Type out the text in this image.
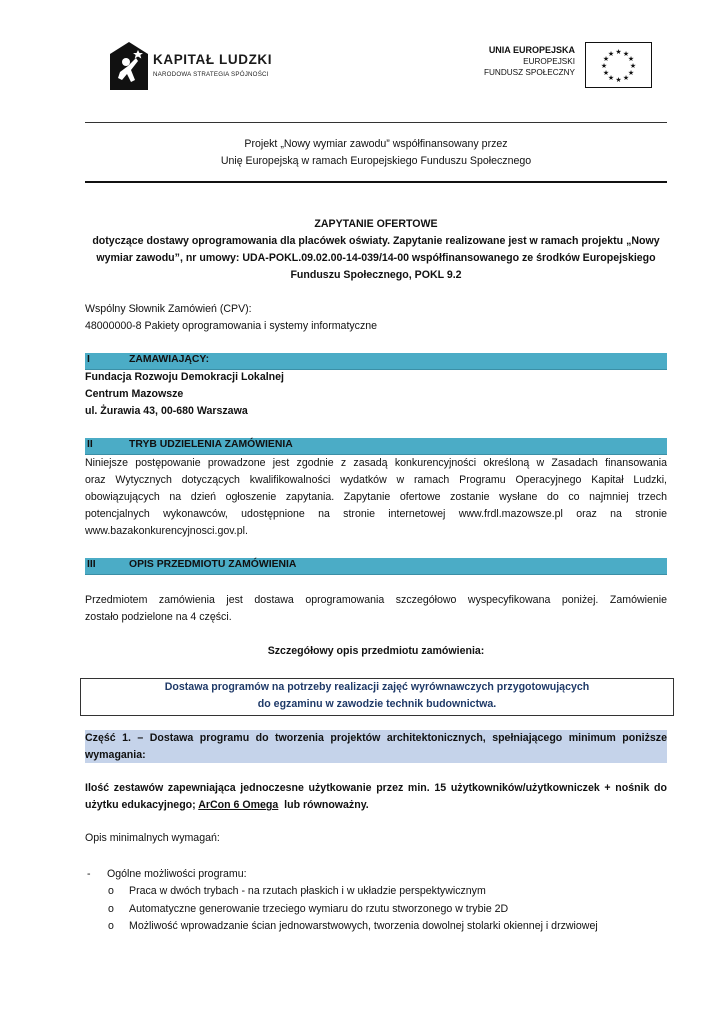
KAPITAŁ LUDZKI
NARODOWA STRATEGIA SPÓJNOŚCI
UNIA EUROPEJSKA
EUROPEJSKI
FUNDUSZ SPOŁECZNY
★ ★
★
★
★
★
★
★
★
★
★
★
Projekt „Nowy wymiar zawodu” współfinansowany przez
Unię Europejską w ramach Europejskiego Funduszu Społecznego
ZAPYTANIE OFERTOWE
dotyczące dostawy oprogramowania dla placówek oświaty. Zapytanie realizowane jest w ramach projektu „Nowy
wymiar zawodu”, nr umowy: UDA-POKL.09.02.00-14-039/14-00 współfinansowanego ze środków Europejskiego
Funduszu Społecznego, POKL 9.2
Wspólny Słownik Zamówień (CPV):
48000000-8 Pakiety oprogramowania i systemy informatyczne
I	ZAMAWIAJĄCY:
Fundacja Rozwoju Demokracji Lokalnej
Centrum Mazowsze
ul. Żurawia 43, 00-680 Warszawa
II	TRYB UDZIELENIA ZAMÓWIENIA
Niniejsze postępowanie prowadzone jest zgodnie z zasadą konkurencyjności określoną w Zasadach finansowania
oraz Wytycznych dotyczących kwalifikowalności wydatków w ramach Programu Operacyjnego Kapitał Ludzki,
obowiązujących na dzień ogłoszenie zapytania. Zapytanie ofertowe zostanie wysłane do co najmniej trzech
potencjalnych wykonawców, udostępnione na stronie internetowej www.frdl.mazowsze.pl oraz na stronie
www.bazakonkurencyjnosci.gov.pl.
III	OPIS PRZEDMIOTU ZAMÓWIENIA
Przedmiotem zamówienia jest dostawa oprogramowania szczegółowo wyspecyfikowana poniżej. Zamówienie
zostało podzielone na 4 części.
Szczegółowy opis przedmiotu zamówienia:
Dostawa programów na potrzeby realizacji zajęć wyrównawczych przygotowujących
do egzaminu w zawodzie technik budownictwa.
Część 1. – Dostawa programu do tworzenia projektów architektonicznych, spełniającego minimum poniższe
wymagania:
Ilość zestawów zapewniająca jednoczesne użytkowanie przez min. 15 użytkowników/użytkowniczek + nośnik do
użytku edukacyjnego; ArCon 6 Omega  lub równoważny.
Opis minimalnych wymagań:
- Ogólne możliwości programu:
o Praca w dwóch trybach - na rzutach płaskich i w układzie perspektywicznym
o Automatyczne generowanie trzeciego wymiaru do rzutu stworzonego w trybie 2D
o Możliwość wprowadzanie ścian jednowarstwowych, tworzenia dowolnej stolarki okiennej i drzwiowej
